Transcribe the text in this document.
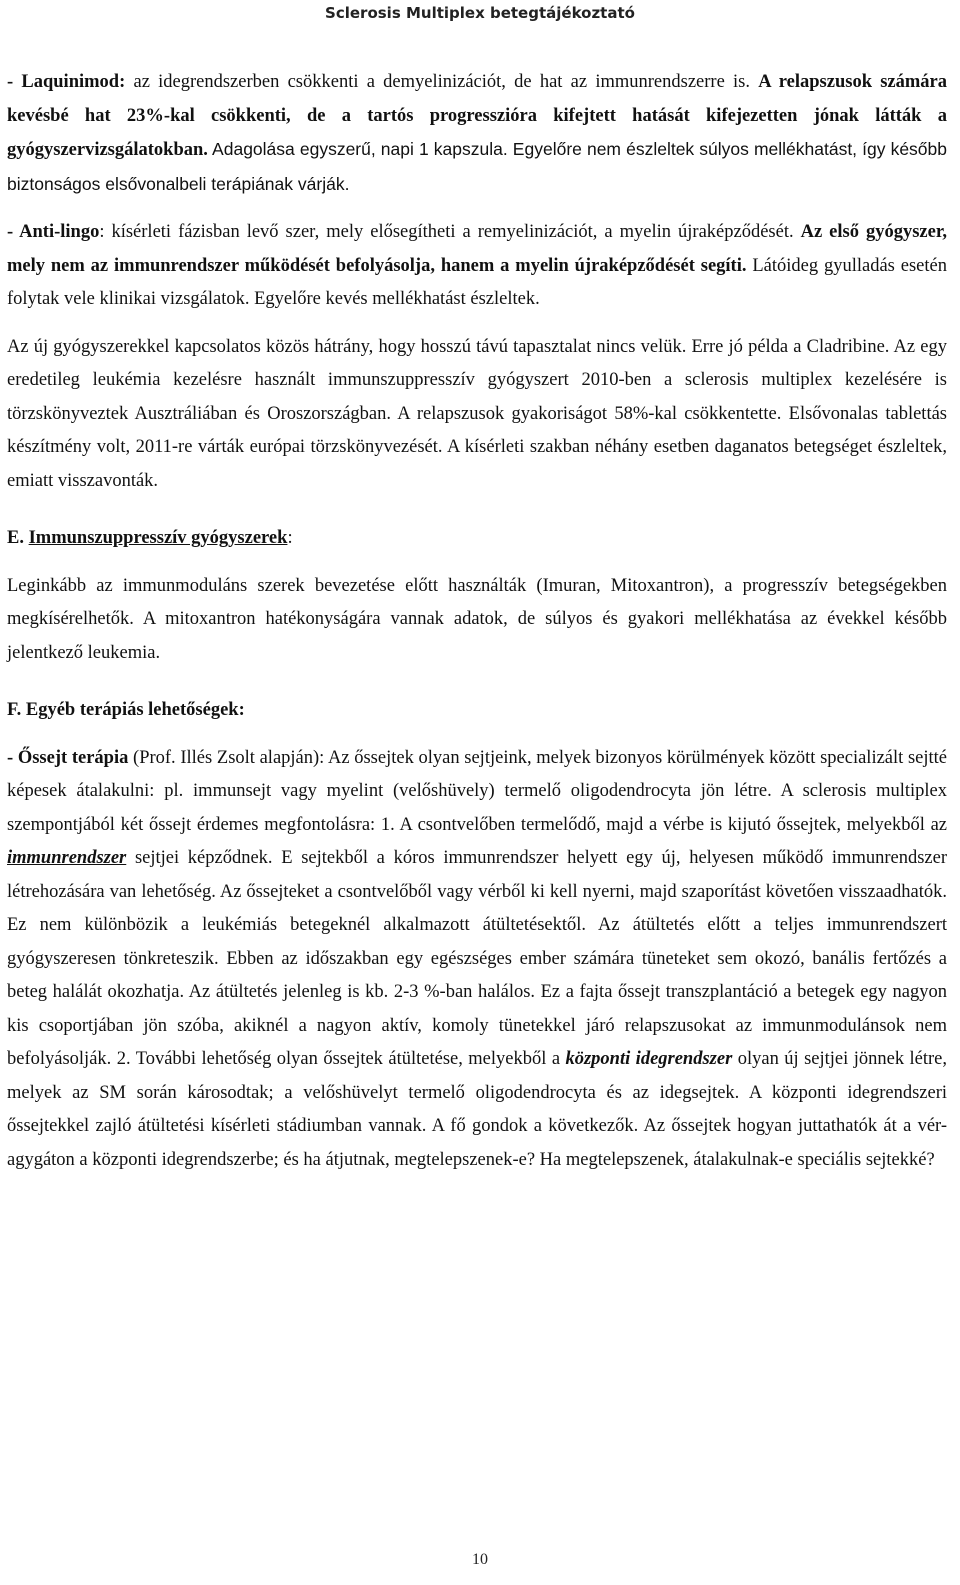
Sclerosis Multiplex betegtájékoztató

- Laquinimod: az idegrendszerben csökkenti a demyelinizációt, de hat az immunrendszerre is. A relapszusok számára kevésbé hat 23%-kal csökkenti, de a tartós progresszióra kifejtett hatását kifejezetten jónak látták a gyógyszervizsgálatokban. Adagolása egyszerű, napi 1 kapszula. Egyelőre nem észleltek súlyos mellékhatást, így később biztonságos elsővonalbeli terápiának várják.

- Anti-lingo: kísérleti fázisban levő szer, mely elősegítheti a remyelinizációt, a myelin újraképződését. Az első gyógyszer, mely nem az immunrendszer működését befolyásolja, hanem a myelin újraképződését segíti. Látóideg gyulladás esetén folytak vele klinikai vizsgálatok. Egyelőre kevés mellékhatást észleltek.

Az új gyógyszerekkel kapcsolatos közös hátrány, hogy hosszú távú tapasztalat nincs velük. Erre jó példa a Cladribine. Az egy eredetileg leukémia kezelésre használt immunszuppresszív gyógyszert 2010-ben a sclerosis multiplex kezelésére is törzskönyveztek Ausztráliában és Oroszországban. A relapszusok gyakoriságot 58%-kal csökkentette. Elsővonalas tablettás készítmény volt, 2011-re várták európai törzskönyvezését. A kísérleti szakban néhány esetben daganatos betegséget észleltek, emiatt visszavonták.

E. Immunszuppresszív gyógyszerek:

Leginkább az immunmoduláns szerek bevezetése előtt használták (Imuran, Mitoxantron), a progresszív betegségekben megkísérelhetők. A mitoxantron hatékonyságára vannak adatok, de súlyos és gyakori mellékhatása az évekkel később jelentkező leukemia.

F. Egyéb terápiás lehetőségek:

- Őssejt terápia (Prof. Illés Zsolt alapján): Az őssejtek olyan sejtjeink, melyek bizonyos körülmények között specializált sejtté képesek átalakulni: pl. immunsejt vagy myelint (velőshüvely) termelő oligodendrocyta jön létre. A sclerosis multiplex szempontjából két őssejt érdemes megfontolásra: 1. A csontvelőben termelődő, majd a vérbe is kijutó őssejtek, melyekből az immunrendszer sejtjei képződnek. E sejtekből a kóros immunrendszer helyett egy új, helyesen működő immunrendszer létrehozására van lehetőség. Az őssejteket a csontvelőből vagy vérből ki kell nyerni, majd szaporítást követően visszaadhatók. Ez nem különbözik a leukémiás betegeknél alkalmazott átültetésektől. Az átültetés előtt a teljes immunrendszert gyógyszeresen tönkreteszik. Ebben az időszakban egy egészséges ember számára tüneteket sem okozó, banális fertőzés a beteg halálát okozhatja. Az átültetés jelenleg is kb. 2-3 %-ban halálos. Ez a fajta őssejt transzplantáció a betegek egy nagyon kis csoportjában jön szóba, akiknél a nagyon aktív, komoly tünetekkel járó relapszusokat az immunmodulánsok nem befolyásolják. 2. További lehetőség olyan őssejtek átültetése, melyekből a központi idegrendszer olyan új sejtjei jönnek létre, melyek az SM során károsodtak; a velőshüvelyt termelő oligodendrocyta és az idegsejtek. A központi idegrendszeri őssejtekkel zajló átültetési kísérleti stádiumban vannak. A fő gondok a következők. Az őssejtek hogyan juttathatók át a vér-agygáton a központi idegrendszerbe; és ha átjutnak, megtelepszenek-e? Ha megtelepszenek, átalakulnak-e speciális sejtekké?

10
